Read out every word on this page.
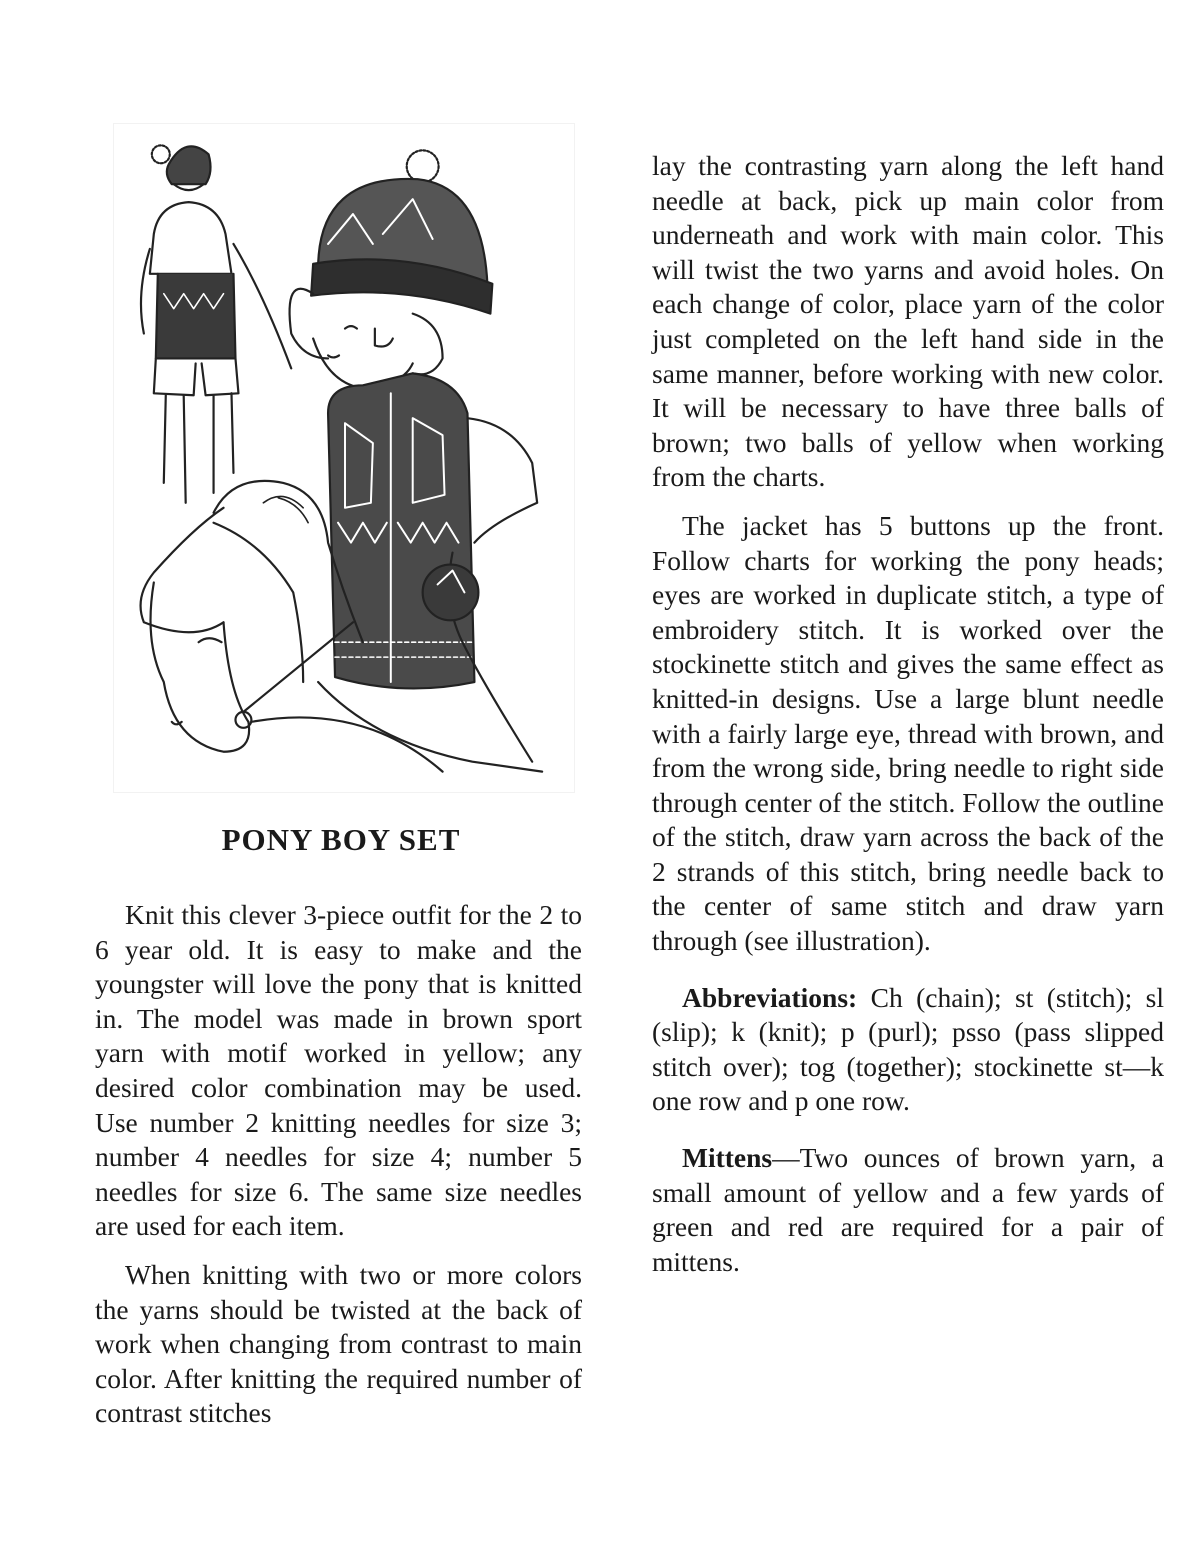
PONY BOY SET

Knit this clever 3-piece outfit for the 2 to 6 year old. It is easy to make and the youngster will love the pony that is knitted in. The model was made in brown sport yarn with motif worked in yellow; any desired color combination may be used. Use number 2 knitting needles for size 3; number 4 needles for size 4; number 5 needles for size 6. The same size needles are used for each item.

When knitting with two or more colors the yarns should be twisted at the back of work when changing from contrast to main color. After knitting the required number of contrast stitches

lay the contrasting yarn along the left hand needle at back, pick up main color from underneath and work with main color. This will twist the two yarns and avoid holes. On each change of color, place yarn of the color just completed on the left hand side in the same manner, before working with new color. It will be necessary to have three balls of brown; two balls of yellow when working from the charts.

The jacket has 5 buttons up the front. Follow charts for working the pony heads; eyes are worked in duplicate stitch, a type of embroidery stitch. It is worked over the stockinette stitch and gives the same effect as knitted-in designs. Use a large blunt needle with a fairly large eye, thread with brown, and from the wrong side, bring needle to right side through center of the stitch. Follow the outline of the stitch, draw yarn across the back of the 2 strands of this stitch, bring needle back to the center of same stitch and draw yarn through (see illustration).

Abbreviations: Ch (chain); st (stitch); sl (slip); k (knit); p (purl); psso (pass slipped stitch over); tog (together); stockinette st—k one row and p one row.

Mittens—Two ounces of brown yarn, a small amount of yellow and a few yards of green and red are required for a pair of mittens.
